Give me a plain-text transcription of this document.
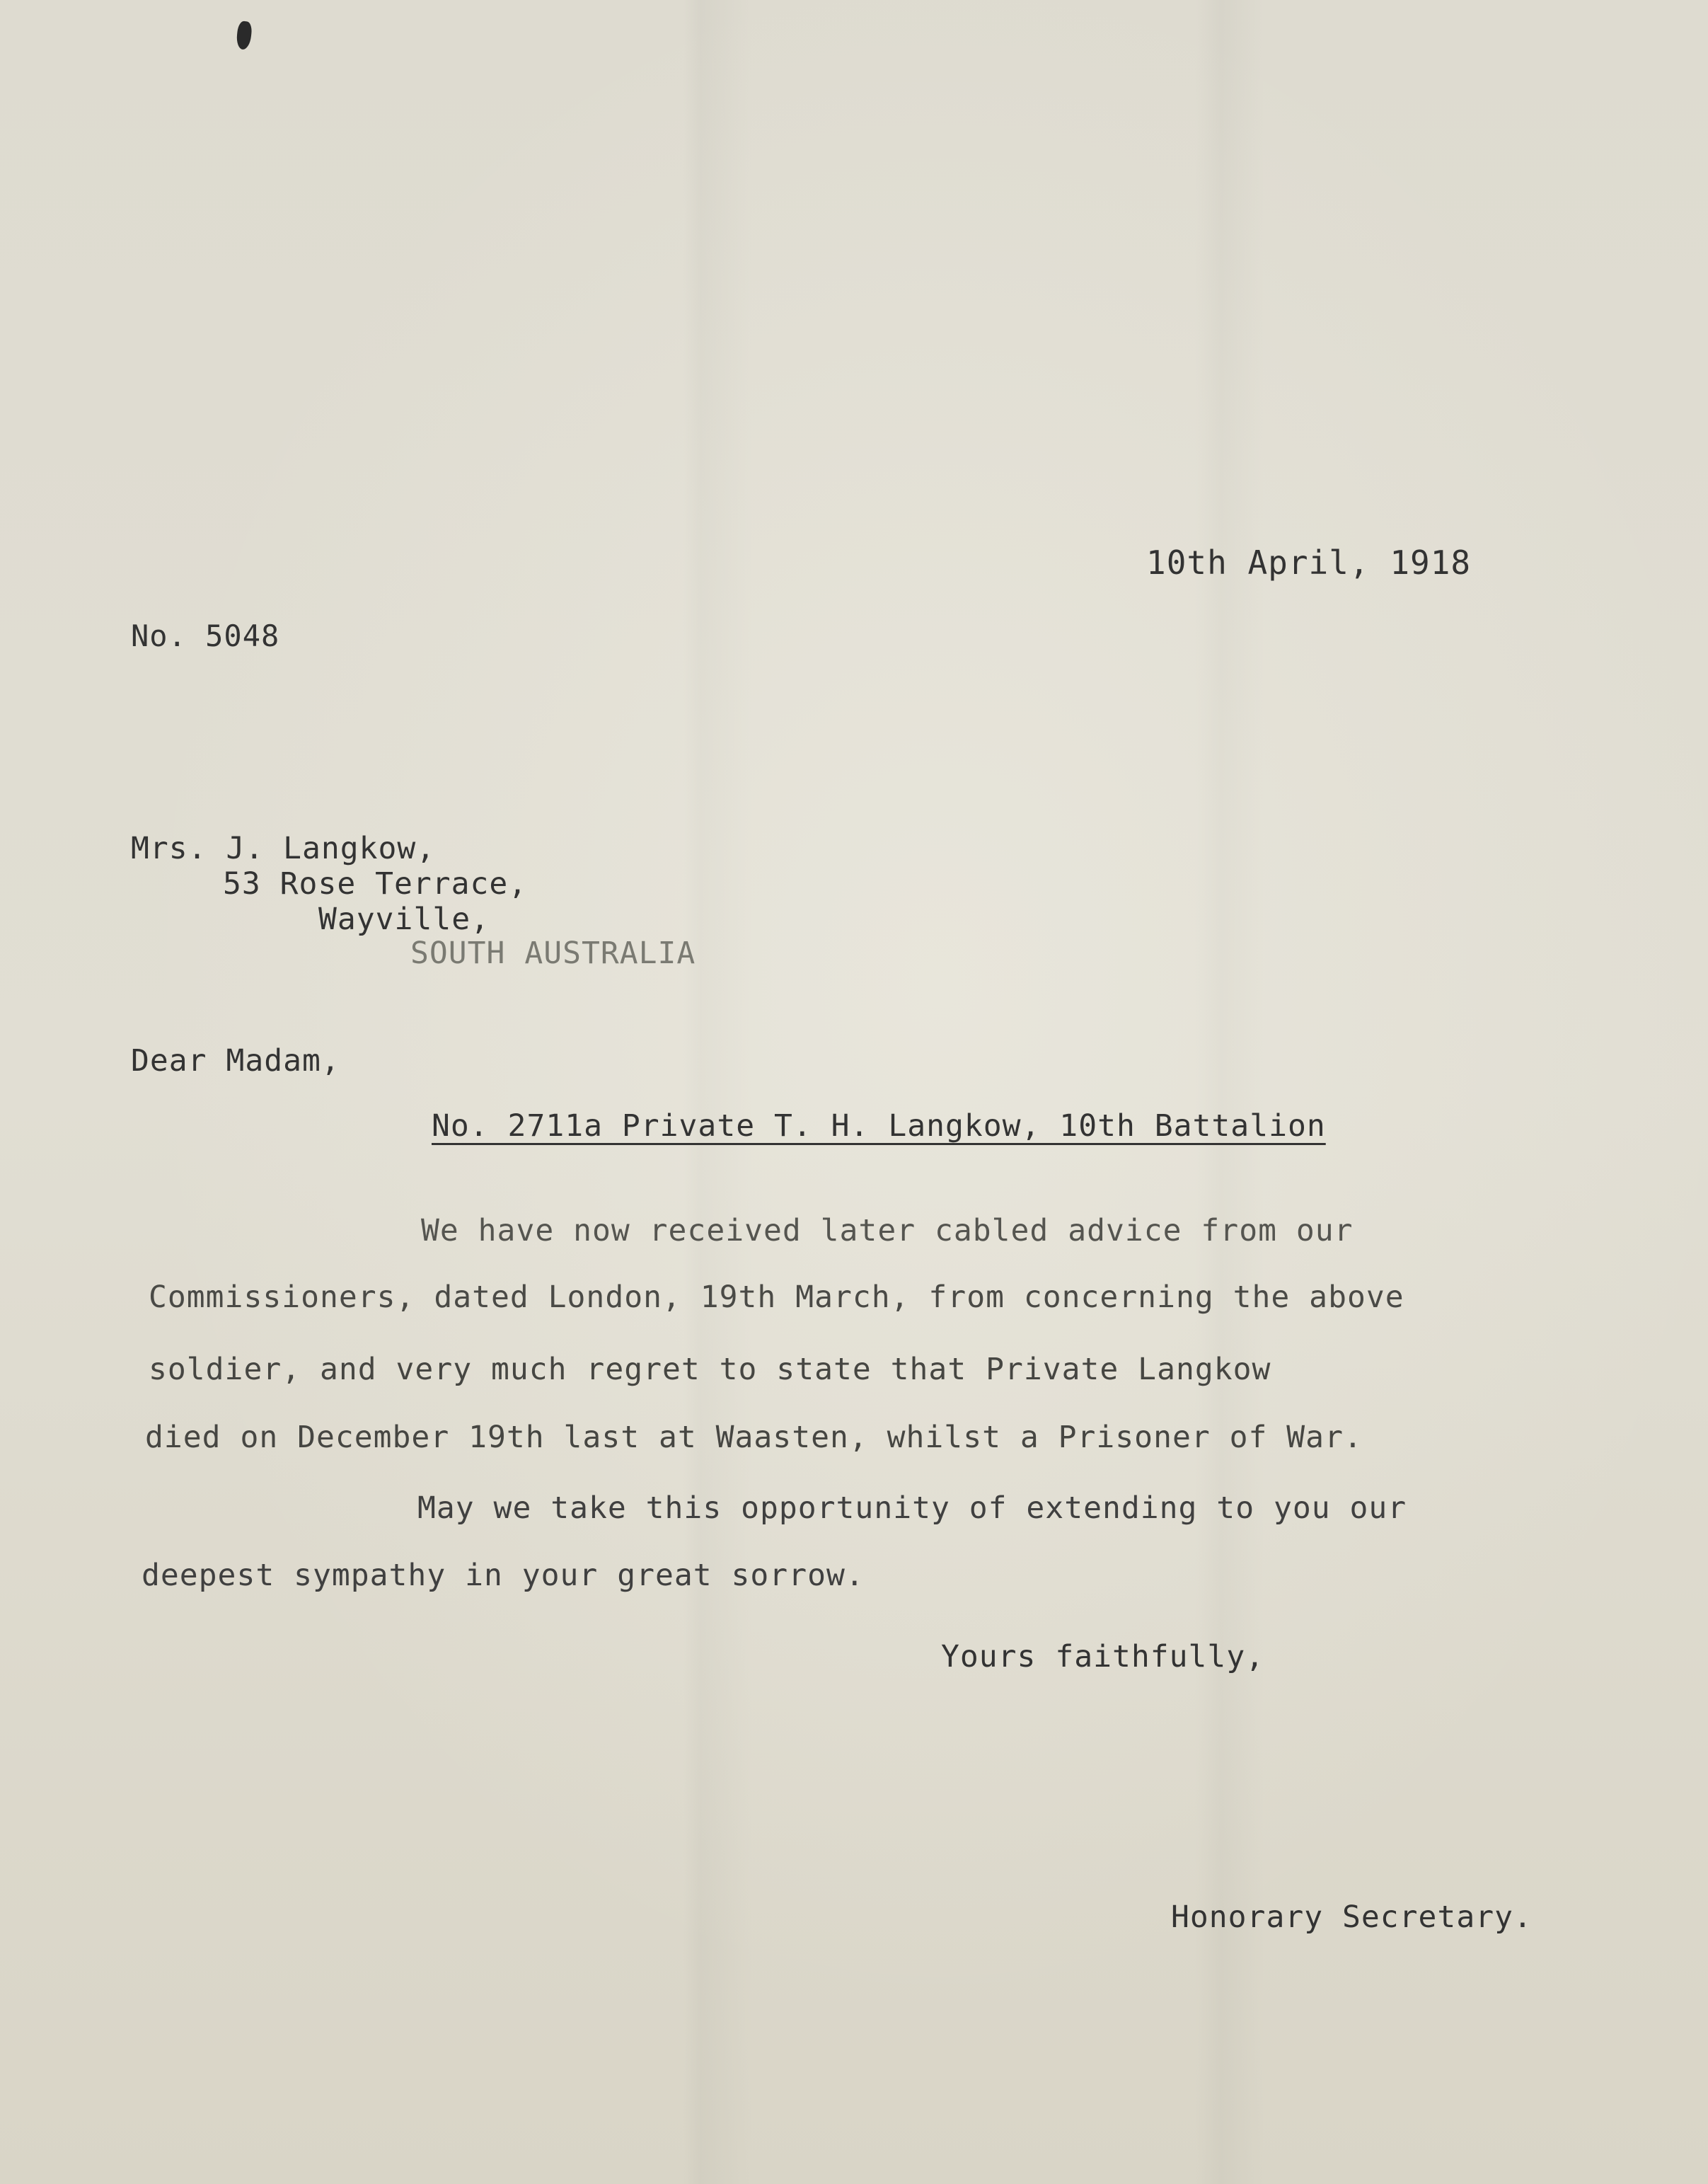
10th April, 1918
No. 5048
Mrs. J. Langkow,
53 Rose Terrace,
Wayville,
SOUTH AUSTRALIA
Dear Madam,
No. 2711a Private T. H. Langkow, 10th Battalion
We have now received later cabled advice from our
Commissioners, dated London, 19th March, from concerning the above
soldier, and very much regret to state that Private Langkow
died on December 19th last at Waasten, whilst a Prisoner of War.
May we take this opportunity of extending to you our
deepest sympathy in your great sorrow.
Yours faithfully,
Honorary Secretary.
